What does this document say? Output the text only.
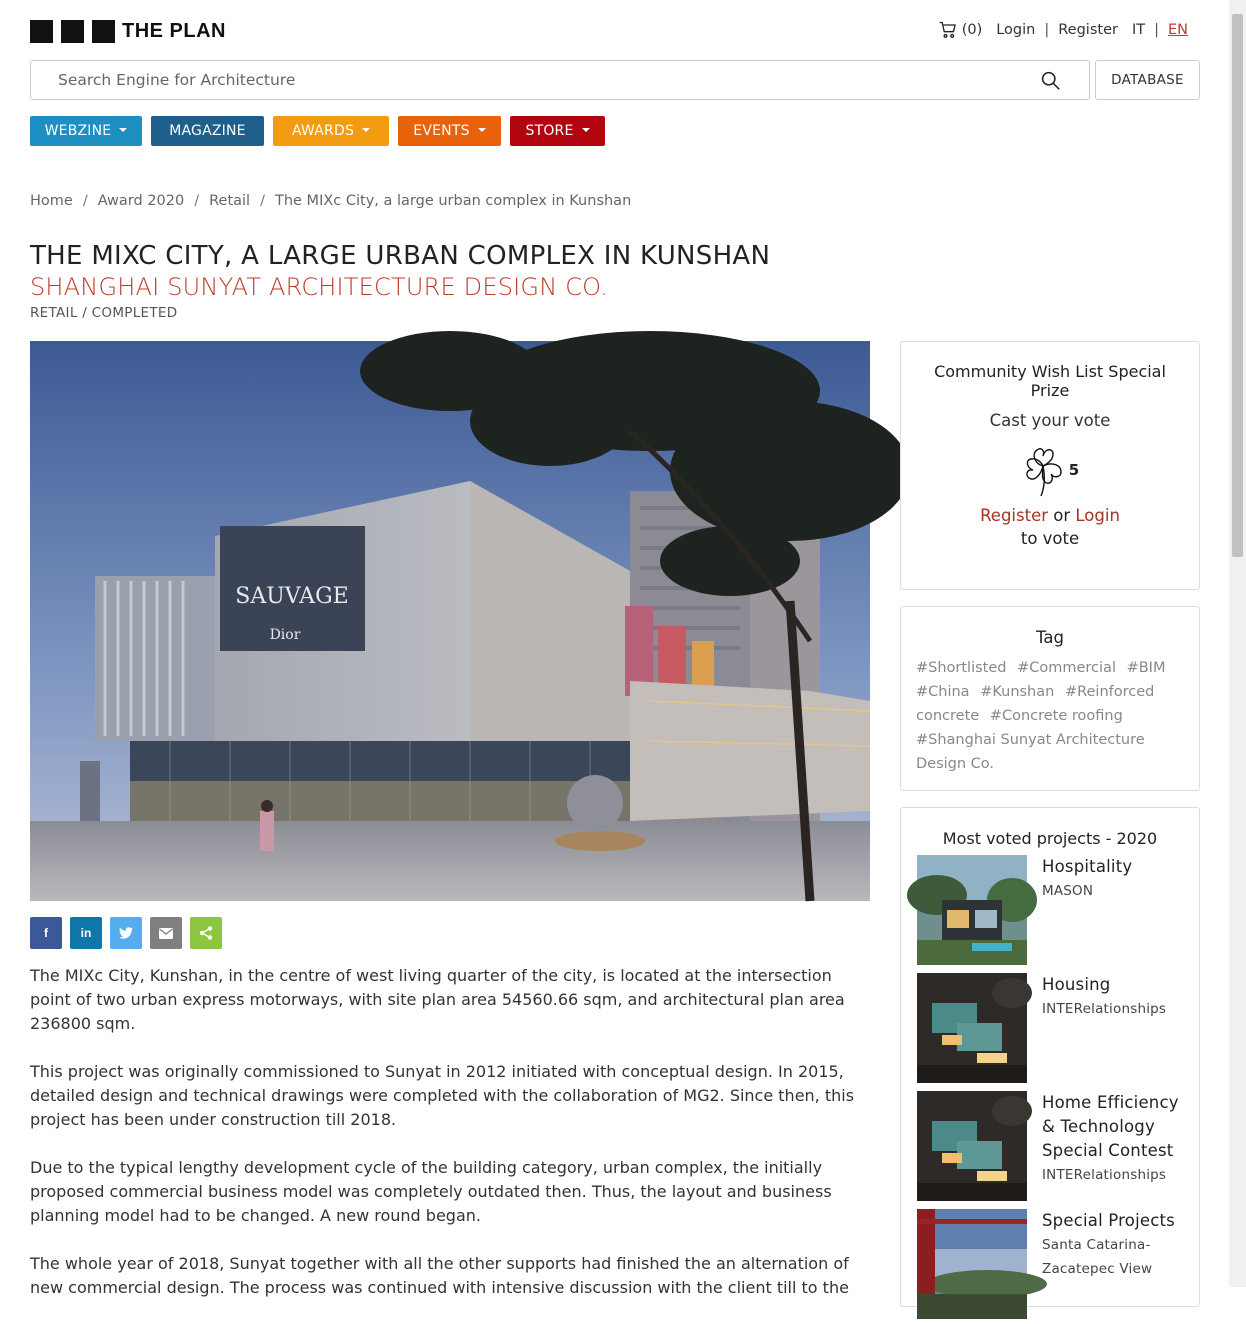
THE PLAN	(0) Login | Register IT | EN
Search Engine for Architecture
DATABASE
WEBZINE	MAGAZINE	AWARDS	EVENTS	STORE
Home / Award 2020 / Retail / The MIXc City, a large urban complex in Kunshan
THE MIXC CITY, A LARGE URBAN COMPLEX IN KUNSHAN
SHANGHAI SUNYAT ARCHITECTURE DESIGN CO.
RETAIL / COMPLETED
SAUVAGE
Dior
f	in

The MIXc City, Kunshan, in the centre of west living quarter of the city, is located at the intersection point of two urban express motorways, with site plan area 54560.66 sqm, and architectural plan area 236800 sqm.

This project was originally commissioned to Sunyat in 2012 initiated with conceptual design. In 2015, detailed design and technical drawings were completed with the collaboration of MG2. Since then, this project has been under construction till 2018.

Due to the typical lengthy development cycle of the building category, urban complex, the initially proposed commercial business model was completely outdated then. Thus, the layout and business planning model had to be changed. A new round began.

The whole year of 2018, Sunyat together with all the other supports had finished the an alternation of new commercial design. The process was continued with intensive discussion with the client till to the

Community Wish List Special Prize
Cast your vote
5
Register or Login
to vote
Tag
#Shortlisted #Commercial #BIM #China #Kunshan #Reinforced concrete #Concrete roofing #Shanghai Sunyat Architecture Design Co.
Most voted projects - 2020
Hospitality
MASON
Housing
INTERelationships
Home Efficiency & Technology Special Contest
INTERelationships
Special Projects
Santa Catarina-Zacatepec View
